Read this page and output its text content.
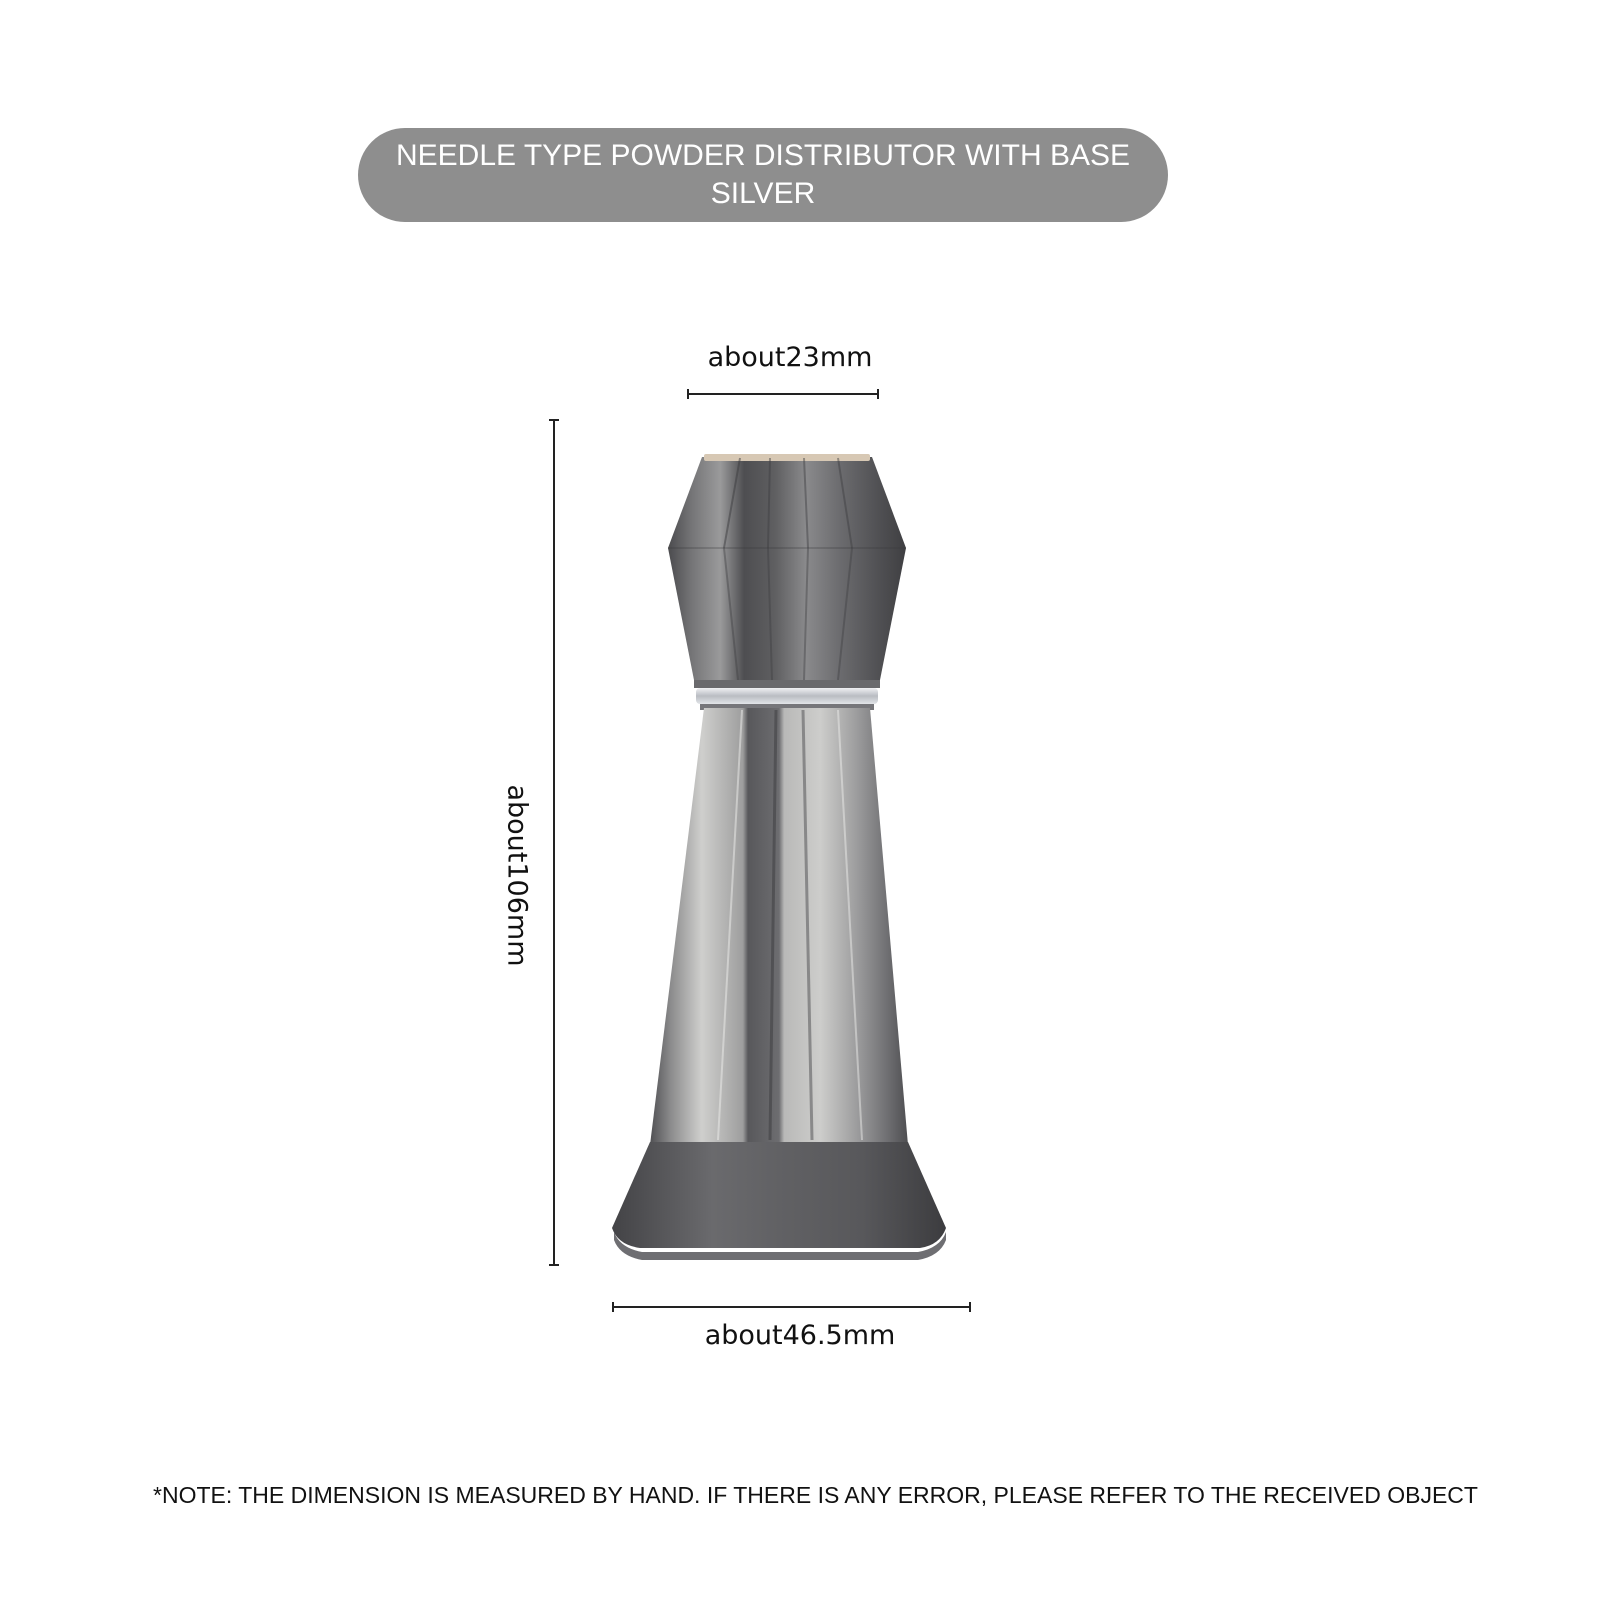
NEEDLE TYPE POWDER DISTRIBUTOR WITH BASE
SILVER
about23mm
about106mm
about46.5mm
*NOTE: THE DIMENSION IS MEASURED BY HAND. IF THERE IS ANY ERROR, PLEASE REFER TO THE RECEIVED OBJECT
